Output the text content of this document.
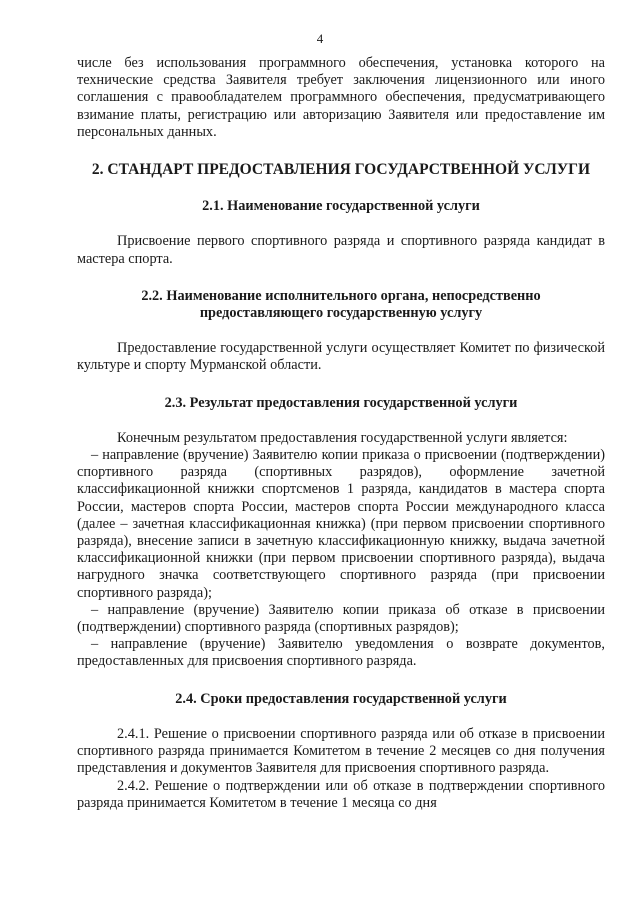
4

числе без использования программного обеспечения, установка которого на технические средства Заявителя требует заключения лицензионного или иного соглашения с правообладателем программного обеспечения, предусматривающего взимание платы, регистрацию или авторизацию Заявителя или предоставление им персональных данных.

2. СТАНДАРТ ПРЕДОСТАВЛЕНИЯ ГОСУДАРСТВЕННОЙ УСЛУГИ
2.1. Наименование государственной услуги

Присвоение первого спортивного разряда и спортивного разряда кандидат в мастера спорта.

2.2. Наименование исполнительного органа, непосредственно
предоставляющего государственную услугу

Предоставление государственной услуги осуществляет Комитет по физической культуре и спорту Мурманской области.

2.3. Результат предоставления государственной услуги

Конечным результатом предоставления государственной услуги является:

– направление (вручение) Заявителю копии приказа о присвоении (подтверждении) спортивного разряда (спортивных разрядов), оформление зачетной классификационной книжки спортсменов 1 разряда, кандидатов в мастера спорта России, мастеров спорта России, мастеров спорта России международного класса (далее – зачетная классификационная книжка) (при первом присвоении спортивного разряда), внесение записи в зачетную классификационную книжку, выдача зачетной классификационной книжки (при первом присвоении спортивного разряда), выдача нагрудного значка соответствующего спортивного разряда (при присвоении спортивного разряда);

– направление (вручение) Заявителю копии приказа об отказе в присвоении (подтверждении) спортивного разряда (спортивных разрядов);

– направление (вручение) Заявителю уведомления о возврате документов, предоставленных для присвоения спортивного разряда.

2.4. Сроки предоставления государственной услуги

2.4.1. Решение о присвоении спортивного разряда или об отказе в присвоении спортивного разряда принимается Комитетом в течение 2 месяцев со дня получения представления и документов Заявителя для присвоения спортивного разряда.

2.4.2. Решение о подтверждении или об отказе в подтверждении спортивного разряда принимается Комитетом в течение 1 месяца со дня
